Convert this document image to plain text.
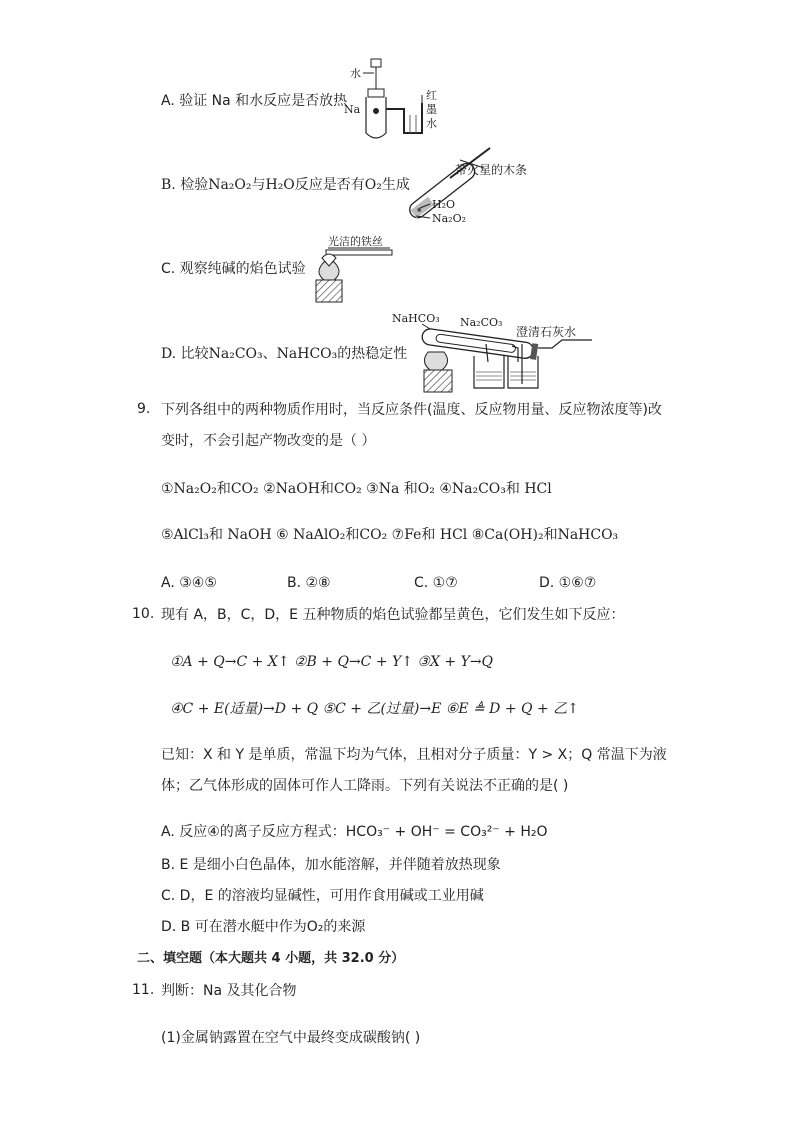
A. 验证 Na 和水反应是否放热
水
Na
红
墨
水
B. 检验Na₂O₂与H₂O反应是否有O₂生成
带火星的木条
H₂O
Na₂O₂
C. 观察纯碱的焰色试验
光洁的铁丝
D. 比较Na₂CO₃、NaHCO₃的热稳定性
NaHCO₃ Na₂CO₃
澄清石灰水
9. 下列各组中的两种物质作用时，当反应条件(温度、反应物用量、反应物浓度等)改
变时，不会引起产物改变的是（ ）
①Na₂O₂和CO₂ ②NaOH和CO₂ ③Na 和O₂ ④Na₂CO₃和 HCl
⑤AlCl₃和 NaOH ⑥ NaAlO₂和CO₂ ⑦Fe和 HCl ⑧Ca(OH)₂和NaHCO₃
A. ③④⑤	B. ②⑧	C. ①⑦	D. ①⑥⑦
10. 现有 A，B，C，D，E 五种物质的焰色试验都呈黄色，它们发生如下反应：
①A + Q→C + X↑ ②B + Q→C + Y↑ ③X + Y→Q
④C + E(适量)→D + Q ⑤C + 乙(过量)→E ⑥E ≜ D + Q + 乙↑
已知：X 和 Y 是单质，常温下均为气体，且相对分子质量：Y > X；Q 常温下为液
体；乙气体形成的固体可作人工降雨。下列有关说法不正确的是( )
A. 反应④的离子反应方程式：HCO₃⁻ + OH⁻ = CO₃²⁻ + H₂O
B. E 是细小白色晶体，加水能溶解，并伴随着放热现象
C. D，E 的溶液均显碱性，可用作食用碱或工业用碱
D. B 可在潜水艇中作为O₂的来源
二、填空题（本大题共 4 小题，共 32.0 分）
11. 判断：Na 及其化合物
(1)金属钠露置在空气中最终变成碳酸钠( )
